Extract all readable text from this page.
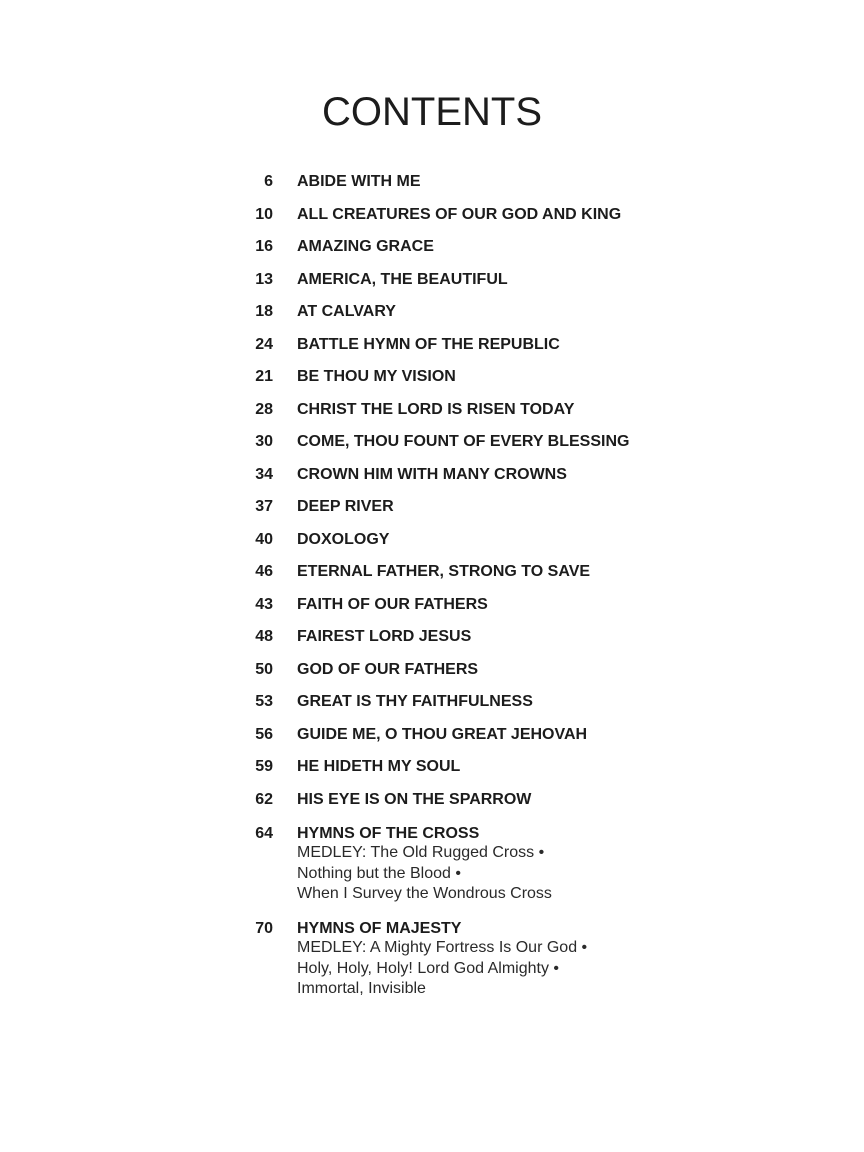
CONTENTS
6 ABIDE WITH ME
10 ALL CREATURES OF OUR GOD AND KING
16 AMAZING GRACE
13 AMERICA, THE BEAUTIFUL
18 AT CALVARY
24 BATTLE HYMN OF THE REPUBLIC
21 BE THOU MY VISION
28 CHRIST THE LORD IS RISEN TODAY
30 COME, THOU FOUNT OF EVERY BLESSING
34 CROWN HIM WITH MANY CROWNS
37 DEEP RIVER
40 DOXOLOGY
46 ETERNAL FATHER, STRONG TO SAVE
43 FAITH OF OUR FATHERS
48 FAIREST LORD JESUS
50 GOD OF OUR FATHERS
53 GREAT IS THY FAITHFULNESS
56 GUIDE ME, O THOU GREAT JEHOVAH
59 HE HIDETH MY SOUL
62 HIS EYE IS ON THE SPARROW
64 HYMNS OF THE CROSS
MEDLEY: The Old Rugged Cross •
Nothing but the Blood •
When I Survey the Wondrous Cross
70 HYMNS OF MAJESTY
MEDLEY: A Mighty Fortress Is Our God •
Holy, Holy, Holy! Lord God Almighty •
Immortal, Invisible
